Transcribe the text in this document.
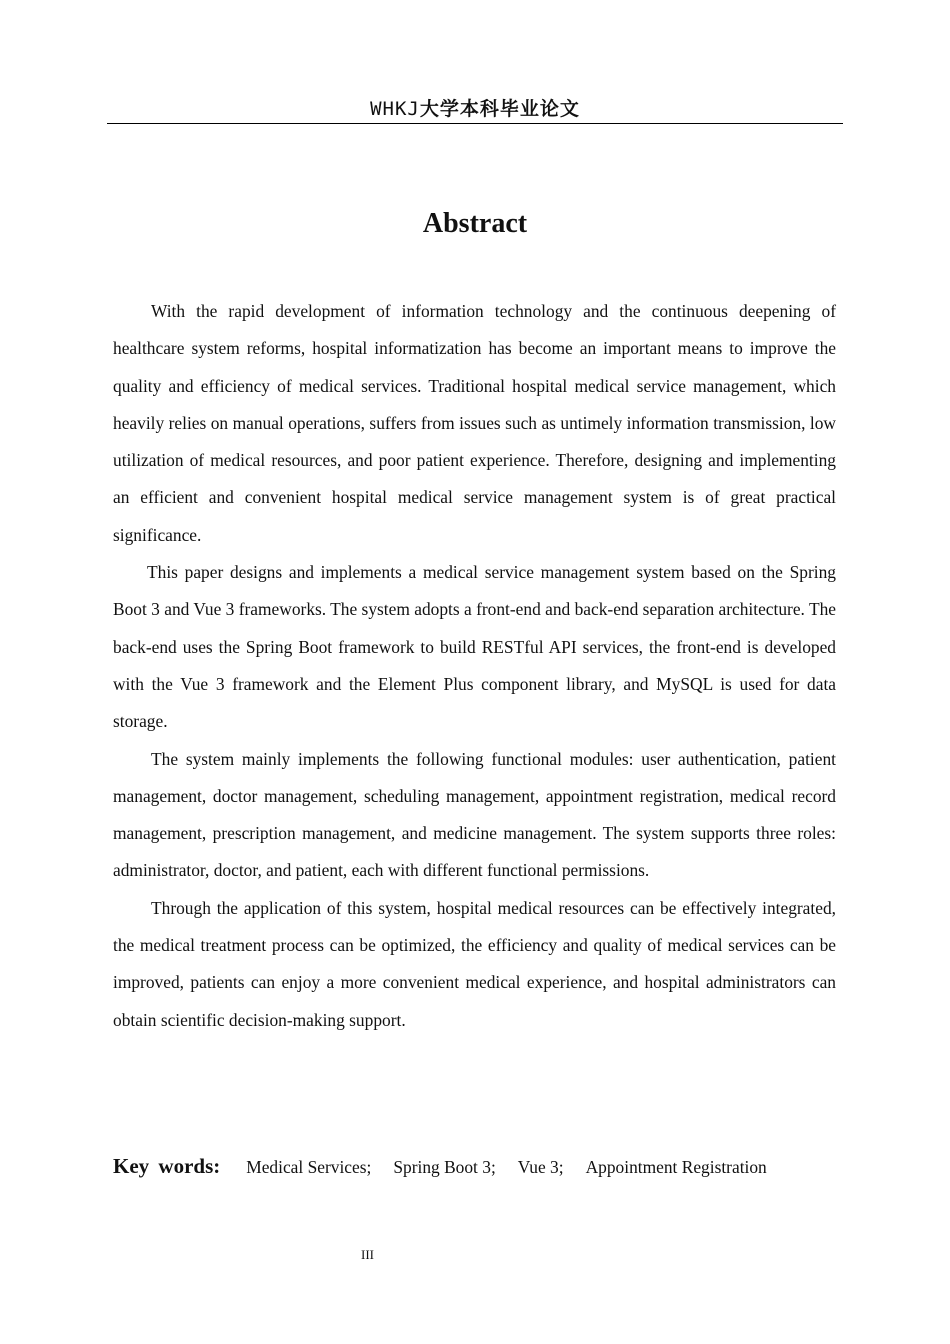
WHKJ大学本科毕业论文
Abstract

With the rapid development of information technology and the continuous deepening of healthcare system reforms, hospital informatization has become an important means to improve the quality and efficiency of medical services. Traditional hospital medical service management, which heavily relies on manual operations, suffers from issues such as untimely information transmission, low utilization of medical resources, and poor patient experience. Therefore, designing and implementing an efficient and convenient hospital medical service management system is of great practical significance.

This paper designs and implements a medical service management system based on the Spring Boot 3 and Vue 3 frameworks. The system adopts a front-end and back-end separation architecture. The back-end uses the Spring Boot framework to build RESTful API services, the front-end is developed with the Vue 3 framework and the Element Plus component library, and MySQL is used for data storage.

The system mainly implements the following functional modules: user authentication, patient management, doctor management, scheduling management, appointment registration, medical record management, prescription management, and medicine management. The system supports three roles: administrator, doctor, and patient, each with different functional permissions.

Through the application of this system, hospital medical resources can be effectively integrated, the medical treatment process can be optimized, the efficiency and quality of medical services can be improved, patients can enjoy a more convenient medical experience, and hospital administrators can obtain scientific decision-making support.

Key words: Medical Services; Spring Boot 3; Vue 3; Appointment Registration
III
